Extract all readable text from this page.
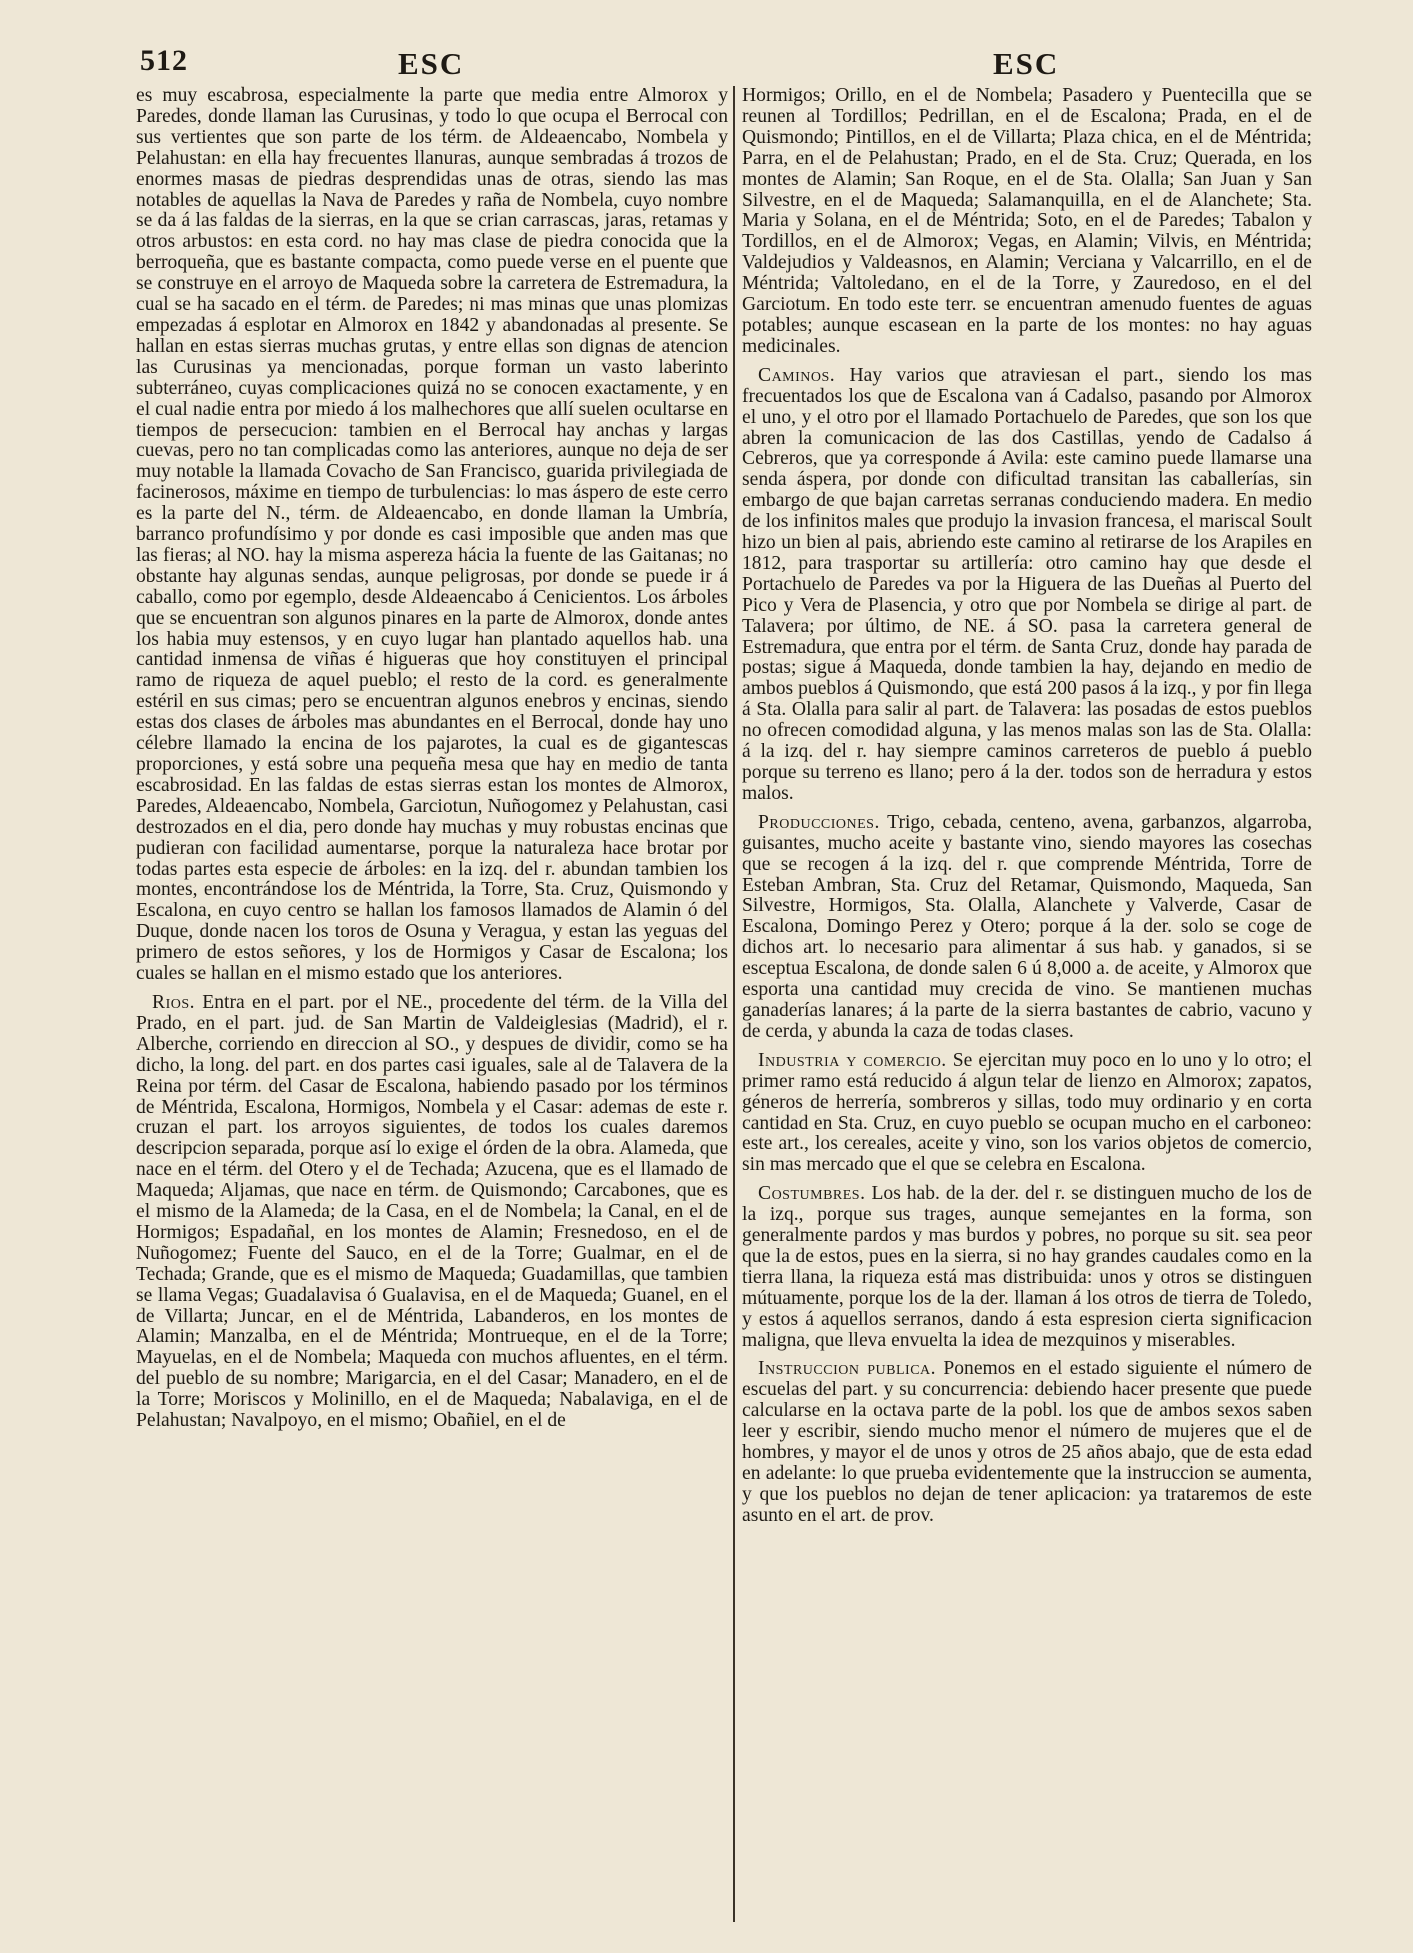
512	ESC	ESC

es muy escabrosa, especialmente la parte que media entre Almorox y Paredes, donde llaman las Curusinas, y todo lo que ocupa el Berrocal con sus vertientes que son parte de los térm. de Aldeaencabo, Nombela y Pelahustan: en ella hay frecuentes llanuras, aunque sembradas á trozos de enormes masas de piedras desprendidas unas de otras, siendo las mas notables de aquellas la Nava de Paredes y raña de Nombela, cuyo nombre se da á las faldas de la sierras, en la que se crian carrascas, jaras, retamas y otros arbustos: en esta cord. no hay mas clase de piedra conocida que la berroqueña, que es bastante compacta, como puede verse en el puente que se construye en el arroyo de Maqueda sobre la carretera de Estremadura, la cual se ha sacado en el térm. de Paredes; ni mas minas que unas plomizas empezadas á esplotar en Almorox en 1842 y abandonadas al presente. Se hallan en estas sierras muchas grutas, y entre ellas son dignas de atencion las Curusinas ya mencionadas, porque forman un vasto laberinto subterráneo, cuyas complicaciones quizá no se conocen exactamente, y en el cual nadie entra por miedo á los malhechores que allí suelen ocultarse en tiempos de persecucion: tambien en el Berrocal hay anchas y largas cuevas, pero no tan complicadas como las anteriores, aunque no deja de ser muy notable la llamada Covacho de San Francisco, guarida privilegiada de facinerosos, máxime en tiempo de turbulencias: lo mas áspero de este cerro es la parte del N., térm. de Aldeaencabo, en donde llaman la Umbría, barranco profundísimo y por donde es casi imposible que anden mas que las fieras; al NO. hay la misma aspereza hácia la fuente de las Gaitanas; no obstante hay algunas sendas, aunque peligrosas, por donde se puede ir á caballo, como por egemplo, desde Aldeaencabo á Cenicientos. Los árboles que se encuentran son algunos pinares en la parte de Almorox, donde antes los habia muy estensos, y en cuyo lugar han plantado aquellos hab. una cantidad inmensa de viñas é higueras que hoy constituyen el principal ramo de riqueza de aquel pueblo; el resto de la cord. es generalmente estéril en sus cimas; pero se encuentran algunos enebros y encinas, siendo estas dos clases de árboles mas abundantes en el Berrocal, donde hay uno célebre llamado la encina de los pajarotes, la cual es de gigantescas proporciones, y está sobre una pequeña mesa que hay en medio de tanta escabrosidad. En las faldas de estas sierras estan los montes de Almorox, Paredes, Aldeaencabo, Nombela, Garciotun, Nuñogomez y Pelahustan, casi destrozados en el dia, pero donde hay muchas y muy robustas encinas que pudieran con facilidad aumentarse, porque la naturaleza hace brotar por todas partes esta especie de árboles: en la izq. del r. abundan tambien los montes, encontrándose los de Méntrida, la Torre, Sta. Cruz, Quismondo y Escalona, en cuyo centro se hallan los famosos llamados de Alamin ó del Duque, donde nacen los toros de Osuna y Veragua, y estan las yeguas del primero de estos señores, y los de Hormigos y Casar de Escalona; los cuales se hallan en el mismo estado que los anteriores.

Rios. Entra en el part. por el NE., procedente del térm. de la Villa del Prado, en el part. jud. de San Martin de Valdeiglesias (Madrid), el r. Alberche, corriendo en direccion al SO., y despues de dividir, como se ha dicho, la long. del part. en dos partes casi iguales, sale al de Talavera de la Reina por térm. del Casar de Escalona, habiendo pasado por los términos de Méntrida, Escalona, Hormigos, Nombela y el Casar: ademas de este r. cruzan el part. los arroyos siguientes, de todos los cuales daremos descripcion separada, porque así lo exige el órden de la obra. Alameda, que nace en el térm. del Otero y el de Techada; Azucena, que es el llamado de Maqueda; Aljamas, que nace en térm. de Quismondo; Carcabones, que es el mismo de la Alameda; de la Casa, en el de Nombela; la Canal, en el de Hormigos; Espadañal, en los montes de Alamin; Fresnedoso, en el de Nuñogomez; Fuente del Sauco, en el de la Torre; Gualmar, en el de Techada; Grande, que es el mismo de Maqueda; Guadamillas, que tambien se llama Vegas; Guadalavisa ó Gualavisa, en el de Maqueda; Guanel, en el de Villarta; Juncar, en el de Méntrida, Labanderos, en los montes de Alamin; Manzalba, en el de Méntrida; Montrueque, en el de la Torre; Mayuelas, en el de Nombela; Maqueda con muchos afluentes, en el térm. del pueblo de su nombre; Marigarcia, en el del Casar; Manadero, en el de la Torre; Moriscos y Molinillo, en el de Maqueda; Nabalaviga, en el de Pelahustan; Navalpoyo, en el mismo; Obañiel, en el de

Hormigos; Orillo, en el de Nombela; Pasadero y Puentecilla que se reunen al Tordillos; Pedrillan, en el de Escalona; Prada, en el de Quismondo; Pintillos, en el de Villarta; Plaza chica, en el de Méntrida; Parra, en el de Pelahustan; Prado, en el de Sta. Cruz; Querada, en los montes de Alamin; San Roque, en el de Sta. Olalla; San Juan y San Silvestre, en el de Maqueda; Salamanquilla, en el de Alanchete; Sta. Maria y Solana, en el de Méntrida; Soto, en el de Paredes; Tabalon y Tordillos, en el de Almorox; Vegas, en Alamin; Vilvis, en Méntrida; Valdejudios y Valdeasnos, en Alamin; Verciana y Valcarrillo, en el de Méntrida; Valtoledano, en el de la Torre, y Zauredoso, en el del Garciotum. En todo este terr. se encuentran amenudo fuentes de aguas potables; aunque escasean en la parte de los montes: no hay aguas medicinales.

Caminos. Hay varios que atraviesan el part., siendo los mas frecuentados los que de Escalona van á Cadalso, pasando por Almorox el uno, y el otro por el llamado Portachuelo de Paredes, que son los que abren la comunicacion de las dos Castillas, yendo de Cadalso á Cebreros, que ya corresponde á Avila: este camino puede llamarse una senda áspera, por donde con dificultad transitan las caballerías, sin embargo de que bajan carretas serranas conduciendo madera. En medio de los infinitos males que produjo la invasion francesa, el mariscal Soult hizo un bien al pais, abriendo este camino al retirarse de los Arapiles en 1812, para trasportar su artillería: otro camino hay que desde el Portachuelo de Paredes va por la Higuera de las Dueñas al Puerto del Pico y Vera de Plasencia, y otro que por Nombela se dirige al part. de Talavera; por último, de NE. á SO. pasa la carretera general de Estremadura, que entra por el térm. de Santa Cruz, donde hay parada de postas; sigue á Maqueda, donde tambien la hay, dejando en medio de ambos pueblos á Quismondo, que está 200 pasos á la izq., y por fin llega á Sta. Olalla para salir al part. de Talavera: las posadas de estos pueblos no ofrecen comodidad alguna, y las menos malas son las de Sta. Olalla: á la izq. del r. hay siempre caminos carreteros de pueblo á pueblo porque su terreno es llano; pero á la der. todos son de herradura y estos malos.

Producciones. Trigo, cebada, centeno, avena, garbanzos, algarroba, guisantes, mucho aceite y bastante vino, siendo mayores las cosechas que se recogen á la izq. del r. que comprende Méntrida, Torre de Esteban Ambran, Sta. Cruz del Retamar, Quismondo, Maqueda, San Silvestre, Hormigos, Sta. Olalla, Alanchete y Valverde, Casar de Escalona, Domingo Perez y Otero; porque á la der. solo se coge de dichos art. lo necesario para alimentar á sus hab. y ganados, si se esceptua Escalona, de donde salen 6 ú 8,000 a. de aceite, y Almorox que esporta una cantidad muy crecida de vino. Se mantienen muchas ganaderías lanares; á la parte de la sierra bastantes de cabrio, vacuno y de cerda, y abunda la caza de todas clases.

Industria y comercio. Se ejercitan muy poco en lo uno y lo otro; el primer ramo está reducido á algun telar de lienzo en Almorox; zapatos, géneros de herrería, sombreros y sillas, todo muy ordinario y en corta cantidad en Sta. Cruz, en cuyo pueblo se ocupan mucho en el carboneo: este art., los cereales, aceite y vino, son los varios objetos de comercio, sin mas mercado que el que se celebra en Escalona.

Costumbres. Los hab. de la der. del r. se distinguen mucho de los de la izq., porque sus trages, aunque semejantes en la forma, son generalmente pardos y mas burdos y pobres, no porque su sit. sea peor que la de estos, pues en la sierra, si no hay grandes caudales como en la tierra llana, la riqueza está mas distribuida: unos y otros se distinguen mútuamente, porque los de la der. llaman á los otros de tierra de Toledo, y estos á aquellos serranos, dando á esta espresion cierta significacion maligna, que lleva envuelta la idea de mezquinos y miserables.

Instruccion publica. Ponemos en el estado siguiente el número de escuelas del part. y su concurrencia: debiendo hacer presente que puede calcularse en la octava parte de la pobl. los que de ambos sexos saben leer y escribir, siendo mucho menor el número de mujeres que el de hombres, y mayor el de unos y otros de 25 años abajo, que de esta edad en adelante: lo que prueba evidentemente que la instruccion se aumenta, y que los pueblos no dejan de tener aplicacion: ya trataremos de este asunto en el art. de prov.
